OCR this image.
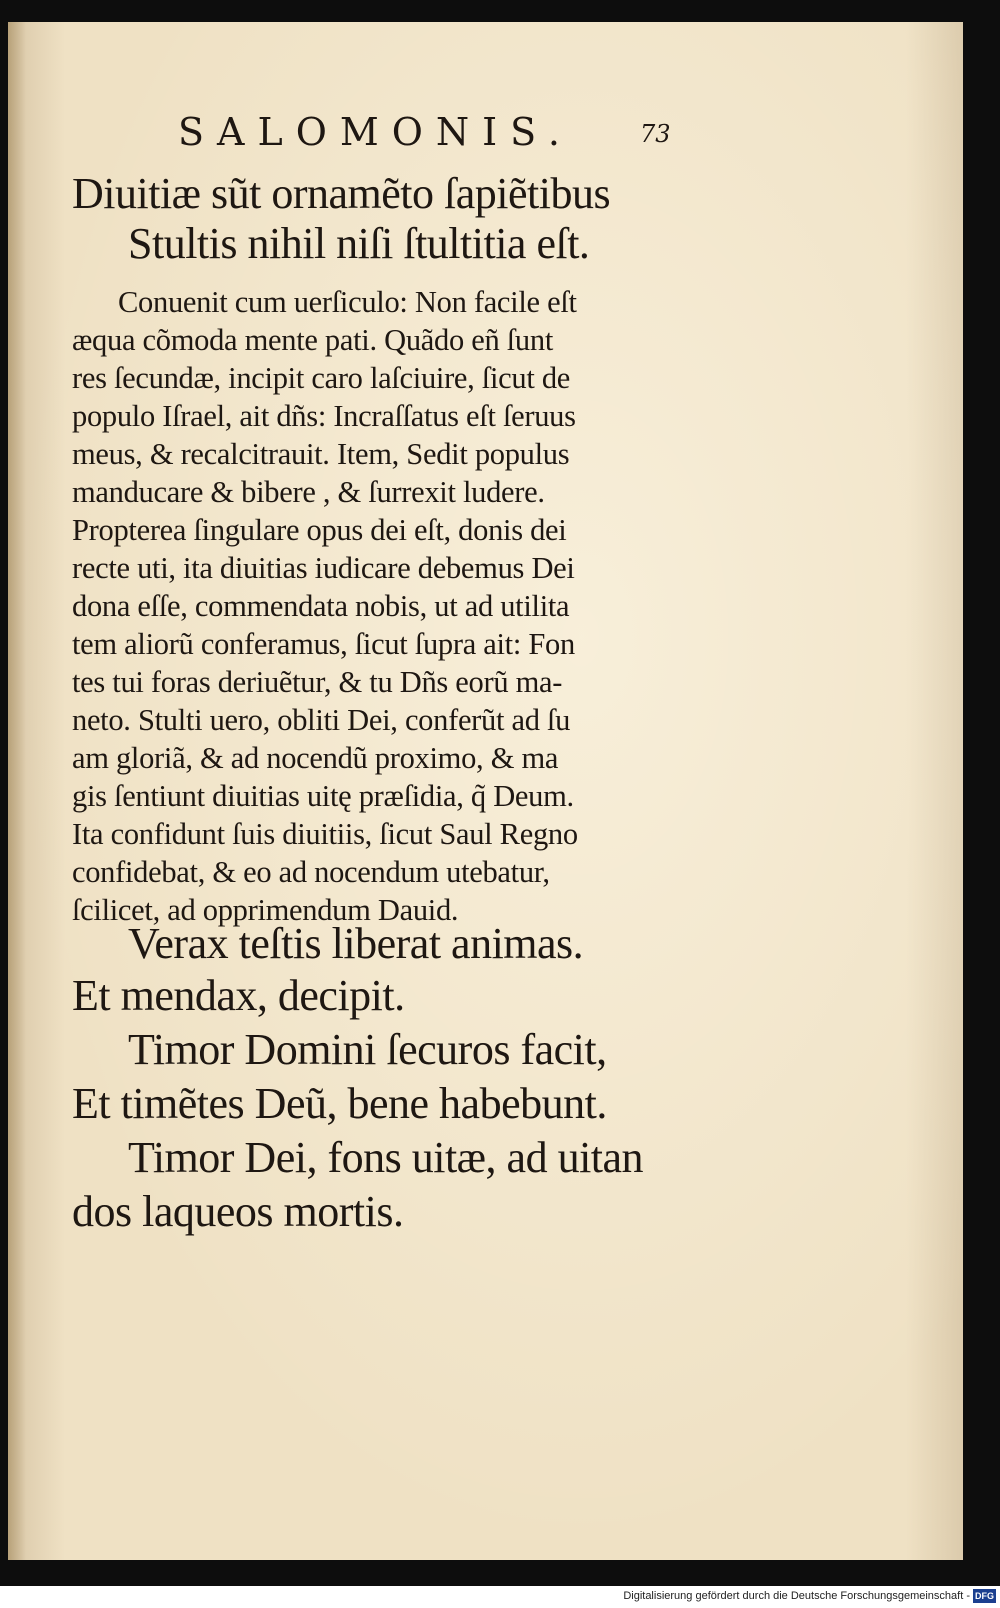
SALOMONIS.	73
Diuitiæ sũt ornamẽto ſapiẽtibus
Stultis nihil niſi ſtultitia eſt.
Conuenit cum uerſiculo: Non facile eſt
æqua cõmoda mente pati. Quãdo eñ ſunt
res ſecundæ, incipit caro laſciuire, ſicut de
populo Iſrael, ait dñs: Incraſſatus eſt ſeruus
meus, & recalcitrauit. Item, Sedit populus
manducare & bibere , & ſurrexit ludere.
Propterea ſingulare opus dei eſt, donis dei
recte uti, ita diuitias iudicare debemus Dei
dona eſſe, commendata nobis, ut ad utilita
tem aliorũ conferamus, ſicut ſupra ait: Fon
tes tui foras deriuẽtur, & tu Dñs eorũ ma-
neto. Stulti uero, obliti Dei, conferũt ad ſu
am gloriã, & ad nocendũ proximo, & ma
gis ſentiunt diuitias uitę præſidia, q̃ Deum.
Ita confidunt ſuis diuitiis, ſicut Saul Regno
confidebat, & eo ad nocendum utebatur,
ſcilicet, ad opprimendum Dauid.
Verax teſtis liberat animas.
Et mendax, decipit.
Timor Domini ſecuros facit,
Et timẽtes Deũ, bene habebunt.
Timor Dei, fons uitæ, ad uitan
dos laqueos mortis.
Digitalisierung gefördert durch die Deutsche Forschungsgemeinschaft - DFG
